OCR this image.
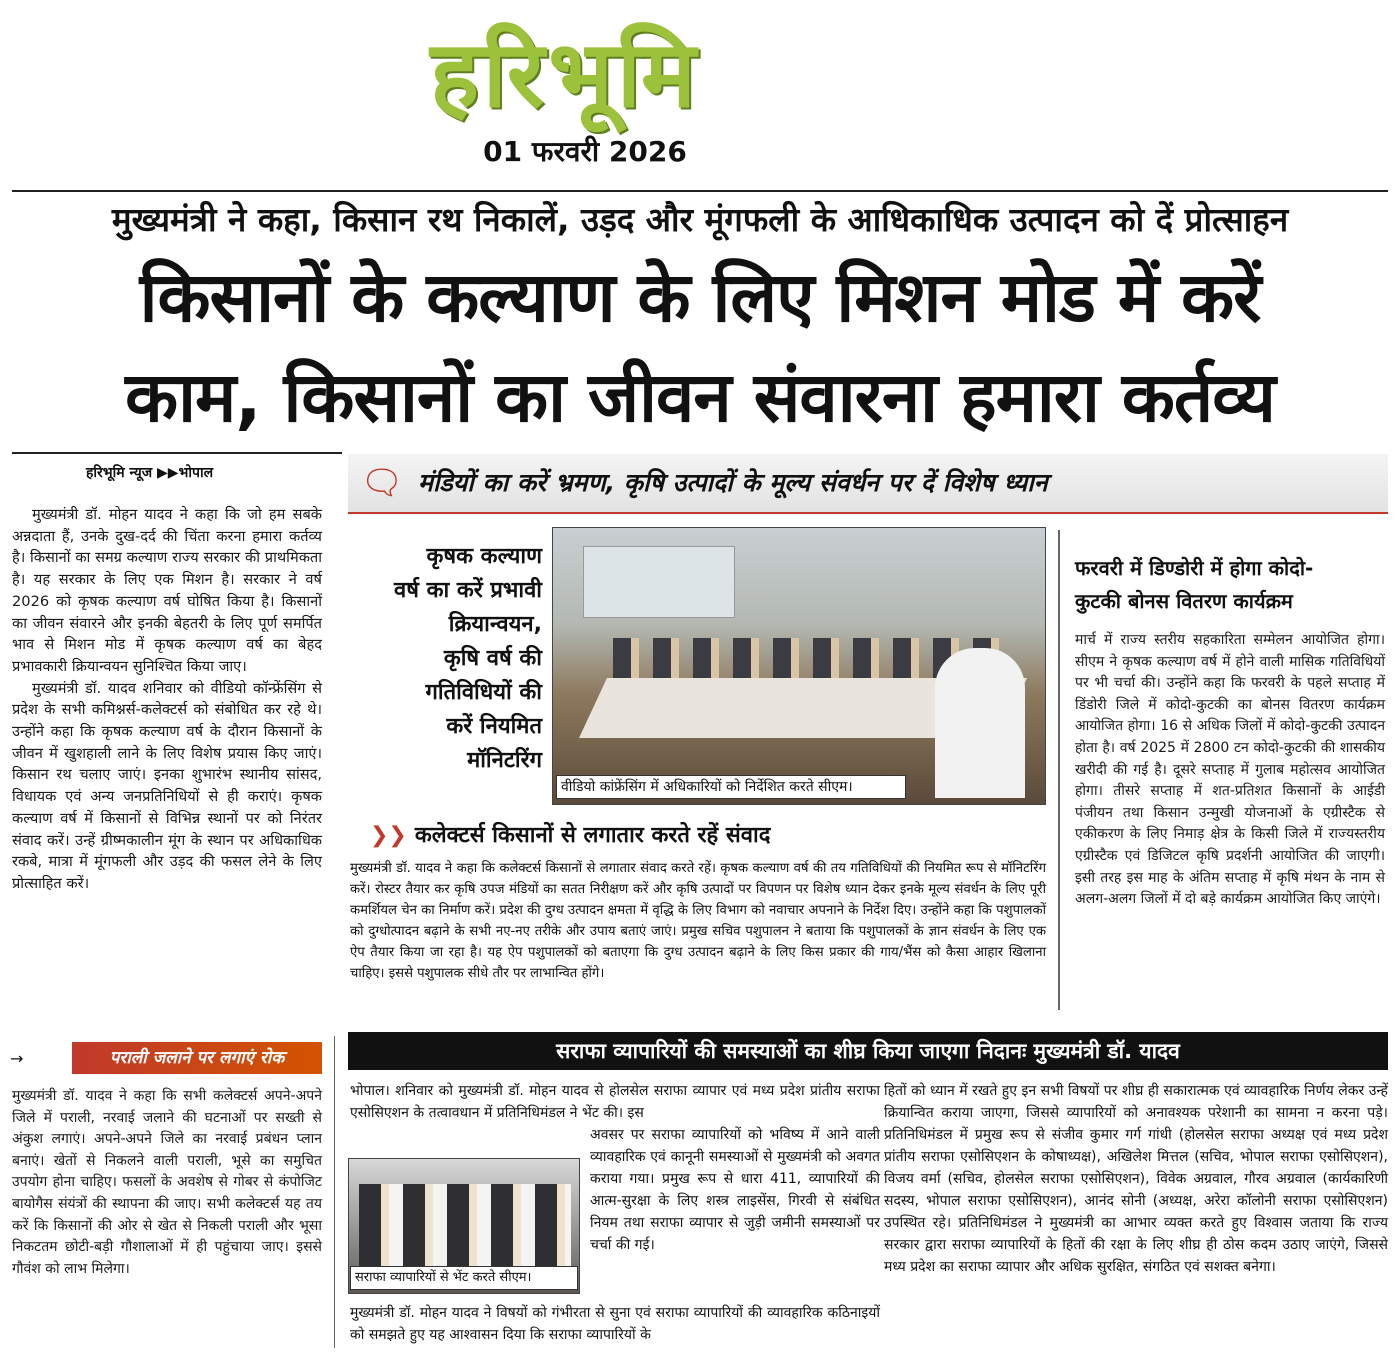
हरिभूमि
01 फरवरी 2026
मुख्यमंत्री ने कहा, किसान रथ निकालें, उड़द और मूंगफली के आधिकाधिक उत्पादन को दें प्रोत्साहन
किसानों के कल्याण के लिए मिशन मोड में करें
काम, किसानों का जीवन संवारना हमारा कर्तव्य
हरिभूमि न्यूज ▶▶भोपाल
मुख्यमंत्री डॉ. मोहन यादव ने कहा कि जो हम सबके अन्नदाता हैं, उनके दुख-दर्द की चिंता करना हमारा कर्तव्य है। किसानों का समग्र कल्याण राज्य सरकार की प्राथमिकता है। यह सरकार के लिए एक मिशन है। सरकार ने वर्ष 2026 को कृषक कल्याण वर्ष घोषित किया है। किसानों का जीवन संवारने और इनकी बेहतरी के लिए पूर्ण समर्पित भाव से मिशन मोड में कृषक कल्याण वर्ष का बेहद प्रभावकारी क्रियान्वयन सुनिश्चित किया जाए।
मुख्यमंत्री डॉ. यादव शनिवार को वीडियो कॉन्फ्रेंसिंग से प्रदेश के सभी कमिश्नर्स-कलेक्टर्स को संबोधित कर रहे थे। उन्होंने कहा कि कृषक कल्याण वर्ष के दौरान किसानों के जीवन में खुशहाली लाने के लिए विशेष प्रयास किए जाएं। किसान रथ चलाए जाएं। इनका शुभारंभ स्थानीय सांसद, विधायक एवं अन्य जनप्रतिनिधियों से ही कराएं। कृषक कल्याण वर्ष में किसानों से विभिन्न स्थानों पर को निरंतर संवाद करें। उन्हें ग्रीष्मकालीन मूंग के स्थान पर अधिकाधिक रकबे, मात्रा में मूंगफली और उड़द की फसल लेने के लिए प्रोत्साहित करें।
🗨 मंडियों का करें भ्रमण, कृषि उत्पादों के मूल्य संवर्धन पर दें विशेष ध्यान
कृषक कल्याण
वर्ष का करें प्रभावी
क्रियान्वयन,
कृषि वर्ष की
गतिविधियों की
करें नियमित
मॉनिटरिंग
वीडियो कांफ्रेंसिंग में अधिकारियों को निर्देशित करते सीएम।
फरवरी में डिण्डोरी में होगा कोदो-
कुटकी बोनस वितरण कार्यक्रम
मार्च में राज्य स्तरीय सहकारिता सम्मेलन आयोजित होगा। सीएम ने कृषक कल्याण वर्ष में होने वाली मासिक गतिविधियों पर भी चर्चा की। उन्होंने कहा कि फरवरी के पहले सप्ताह में डिंडोरी जिले में कोदो-कुटकी का बोनस वितरण कार्यक्रम आयोजित होगा। 16 से अधिक जिलों में कोदो-कुटकी उत्पादन होता है। वर्ष 2025 में 2800 टन कोदो-कुटकी की शासकीय खरीदी की गई है। दूसरे सप्ताह में गुलाब महोत्सव आयोजित होगा। तीसरे सप्ताह में शत-प्रतिशत किसानों के आईडी पंजीयन तथा किसान उन्मुखी योजनाओं के एग्रीस्टैक से एकीकरण के लिए निमाड़ क्षेत्र के किसी जिले में राज्यस्तरीय एग्रीस्टैक एवं डिजिटल कृषि प्रदर्शनी आयोजित की जाएगी। इसी तरह इस माह के अंतिम सप्ताह में कृषि मंथन के नाम से अलग-अलग जिलों में दो बड़े कार्यक्रम आयोजित किए जाएंगे।
❯❯ कलेक्टर्स किसानों से लगातार करते रहें संवाद
मुख्यमंत्री डॉ. यादव ने कहा कि कलेक्टर्स किसानों से लगातार संवाद करते रहें। कृषक कल्याण वर्ष की तय गतिविधियों की नियमित रूप से मॉनिटरिंग करें। रोस्टर तैयार कर कृषि उपज मंडियों का सतत निरीक्षण करें और कृषि उत्पादों पर विपणन पर विशेष ध्यान देकर इनके मूल्य संवर्धन के लिए पूरी कमर्शियल चेन का निर्माण करें। प्रदेश की दुग्ध उत्पादन क्षमता में वृद्धि के लिए विभाग को नवाचार अपनाने के निर्देश दिए। उन्होंने कहा कि पशुपालकों को दुग्धोत्पादन बढ़ाने के सभी नए-नए तरीके और उपाय बताएं जाएं। प्रमुख सचिव पशुपालन ने बताया कि पशुपालकों के ज्ञान संवर्धन के लिए एक ऐप तैयार किया जा रहा है। यह ऐप पशुपालकों को बताएगा कि दुग्ध उत्पादन बढ़ाने के लिए किस प्रकार की गाय/भैंस को कैसा आहार खिलाना चाहिए। इससे पशुपालक सीधे तौर पर लाभान्वित होंगे।
→	पराली जलाने पर लगाएं रोक
मुख्यमंत्री डॉ. यादव ने कहा कि सभी कलेक्टर्स अपने-अपने जिले में पराली, नरवाई जलाने की घटनाओं पर सख्ती से अंकुश लगाएं। अपने-अपने जिले का नरवाई प्रबंधन प्लान बनाएं। खेतों से निकलने वाली पराली, भूसे का समुचित उपयोग होना चाहिए। फसलों के अवशेष से गोबर से कंपोजिट बायोगैस संयंत्रों की स्थापना की जाए। सभी कलेक्टर्स यह तय करें कि किसानों की ओर से खेत से निकली पराली और भूसा निकटतम छोटी-बड़ी गौशालाओं में ही पहुंचाया जाए। इससे गौवंश को लाभ मिलेगा।
सराफा व्यापारियों की समस्याओं का शीघ्र किया जाएगा निदानः मुख्यमंत्री डॉ. यादव
भोपाल। शनिवार को मुख्यमंत्री डॉ. मोहन यादव से होलसेल सराफा व्यापार एवं मध्य प्रदेश प्रांतीय सराफा एसोसिएशन के तत्वावधान में प्रतिनिधिमंडल ने भेंट की। इस
सराफा व्यापारियों से भेंट करते सीएम।
अवसर पर सराफा व्यापारियों को भविष्य में आने वाली व्यावहारिक एवं कानूनी समस्याओं से मुख्यमंत्री को अवगत कराया गया। प्रमुख रूप से धारा 411, व्यापारियों की आत्म-सुरक्षा के लिए शस्त्र लाइसेंस, गिरवी से संबंधित नियम तथा सराफा व्यापार से जुड़ी जमीनी समस्याओं पर चर्चा की गई।
मुख्यमंत्री डॉ. मोहन यादव ने विषयों को गंभीरता से सुना एवं सराफा व्यापारियों की व्यावहारिक कठिनाइयों को समझते हुए यह आश्वासन दिया कि सराफा व्यापारियों के
हितों को ध्यान में रखते हुए इन सभी विषयों पर शीघ्र ही सकारात्मक एवं व्यावहारिक निर्णय लेकर उन्हें क्रियान्वित कराया जाएगा, जिससे व्यापारियों को अनावश्यक परेशानी का सामना न करना पड़े। प्रतिनिधिमंडल में प्रमुख रूप से संजीव कुमार गर्ग गांधी (होलसेल सराफा अध्यक्ष एवं मध्य प्रदेश प्रांतीय सराफा एसोसिएशन के कोषाध्यक्ष), अखिलेश मित्तल (सचिव, भोपाल सराफा एसोसिएशन), विजय वर्मा (सचिव, होलसेल सराफा एसोसिएशन), विवेक अग्रवाल, गौरव अग्रवाल (कार्यकारिणी सदस्य, भोपाल सराफा एसोसिएशन), आनंद सोनी (अध्यक्ष, अरेरा कॉलोनी सराफा एसोसिएशन) उपस्थित रहे। प्रतिनिधिमंडल ने मुख्यमंत्री का आभार व्यक्त करते हुए विश्वास जताया कि राज्य सरकार द्वारा सराफा व्यापारियों के हितों की रक्षा के लिए शीघ्र ही ठोस कदम उठाए जाएंगे, जिससे मध्य प्रदेश का सराफा व्यापार और अधिक सुरक्षित, संगठित एवं सशक्त बनेगा।
